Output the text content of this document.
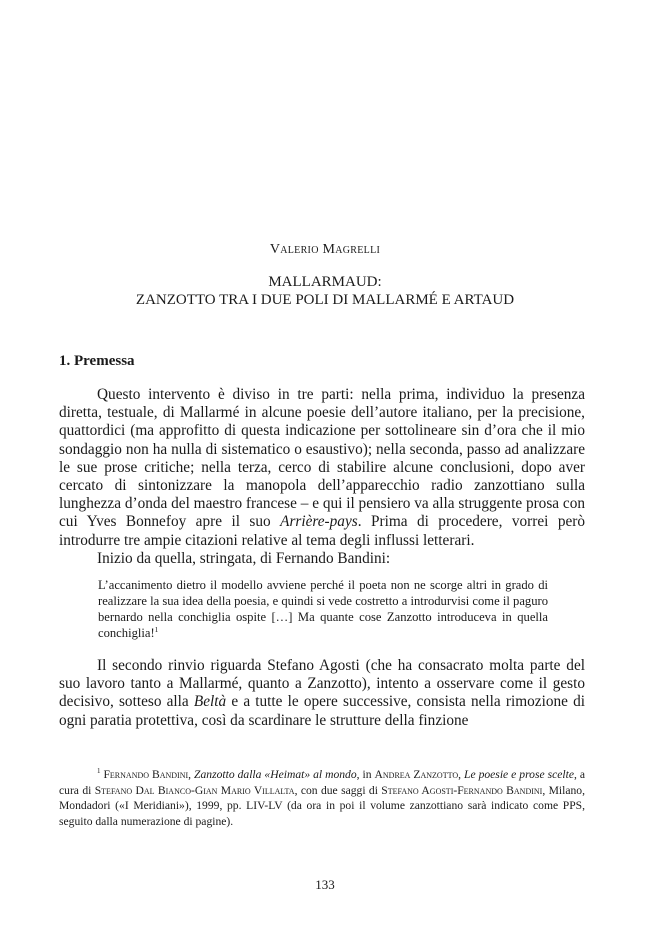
Valerio Magrelli
MALLARMAUD:
ZANZOTTO TRA I DUE POLI DI MALLARMÉ E ARTAUD
1. Premessa

Questo intervento è diviso in tre parti: nella prima, individuo la presenza diretta, testuale, di Mallarmé in alcune poesie dell’autore italiano, per la precisione, quattordici (ma approfitto di questa indicazione per sottolineare sin d’ora che il mio sondaggio non ha nulla di sistematico o esaustivo); nella seconda, passo ad analizzare le sue prose critiche; nella terza, cerco di stabilire alcune conclusioni, dopo aver cercato di sintonizzare la manopola dell’apparecchio radio zanzottiano sulla lunghezza d’onda del maestro francese – e qui il pensiero va alla struggente prosa con cui Yves Bonnefoy apre il suo Arrière-pays. Prima di procedere, vorrei però introdurre tre ampie citazioni relative al tema degli influssi letterari.

Inizio da quella, stringata, di Fernando Bandini:

L’accanimento dietro il modello avviene perché il poeta non ne scorge altri in grado di realizzare la sua idea della poesia, e quindi si vede costretto a introdurvisi come il paguro bernardo nella conchiglia ospite […] Ma quante cose Zanzotto introduceva in quella conchiglia!$^1$

Il secondo rinvio riguarda Stefano Agosti (che ha consacrato molta parte del suo lavoro tanto a Mallarmé, quanto a Zanzotto), intento a osservare come il gesto decisivo, sotteso alla Beltà e a tutte le opere successive, consista nella rimozione di ogni paratia protettiva, così da scardinare le strutture della finzione

$^1$ Fernando Bandini, Zanzotto dalla «Heimat» al mondo, in Andrea Zanzotto, Le poesie e prose scelte, a cura di Stefano Dal Bianco-Gian Mario Villalta, con due saggi di Stefano Agosti-Fernando Bandini, Milano, Mondadori («I Meridiani»), 1999, pp. LIV-LV (da ora in poi il volume zanzottiano sarà indicato come PPS, seguito dalla numerazione di pagine).

133
